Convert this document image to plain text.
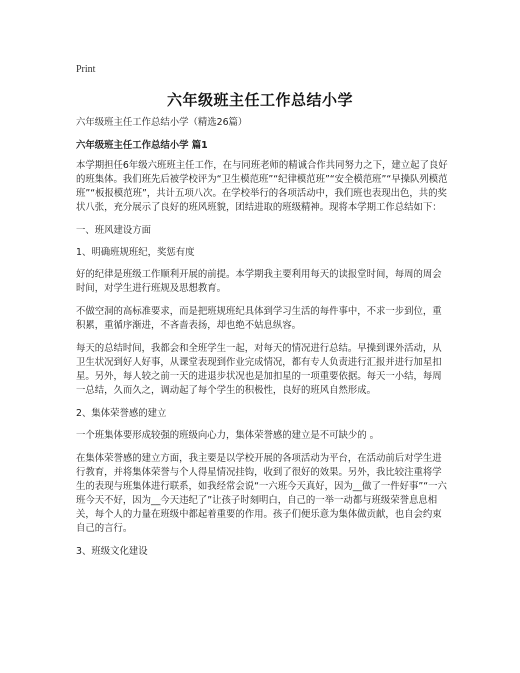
Print
六年级班主任工作总结小学

六年级班主任工作总结小学（精选26篇）

六年级班主任工作总结小学 篇1

本学期担任6年级六班班主任工作，在与同班老师的精诚合作共同努力之下，建立起了良好的班集体。我们班先后被学校评为“卫生模范班”“纪律模范班”“安全模范班”“早操队列模范班”“板报模范班”，共计五项八次。在学校举行的各项活动中，我们班也表现出色，共的奖状八张，充分展示了良好的班风班貌，团结进取的班级精神。现将本学期工作总结如下：

一、班风建设方面

1、明确班规班纪，奖惩有度

好的纪律是班级工作顺利开展的前提。本学期我主要利用每天的读报堂时间，每周的周会时间，对学生进行班规及思想教育。

不做空洞的高标准要求，而是把班规班纪具体到学习生活的每件事中，不求一步到位，重积累，重循序渐进，不吝啬表扬，却也绝不姑息纵容。

每天的总结时间，我都会和全班学生一起，对每天的情况进行总结。早操到课外活动，从卫生状况到好人好事，从课堂表现到作业完成情况，都有专人负责进行汇报并进行加星扣星。另外，每人较之前一天的进退步状况也是加扣星的一项重要依据。每天一小结，每周一总结，久而久之，调动起了每个学生的积极性，良好的班风自然形成。

2、集体荣誉感的建立

一个班集体要形成较强的班级向心力，集体荣誉感的建立是不可缺少的 。

在集体荣誉感的建立方面，我主要是以学校开展的各项活动为平台，在活动前后对学生进行教育，并将集体荣誉与个人得星情况挂钩，收到了很好的效果。另外，我比较注重将学生的表现与班集体进行联系，如我经常会说“一六班今天真好，因为__做了一件好事”“一六班今天不好，因为__今天违纪了”让孩子时刻明白，自己的一举一动都与班级荣誉息息相关，每个人的力量在班级中都起着重要的作用。孩子们便乐意为集体做贡献，也自会约束自己的言行。

3、班级文化建设
